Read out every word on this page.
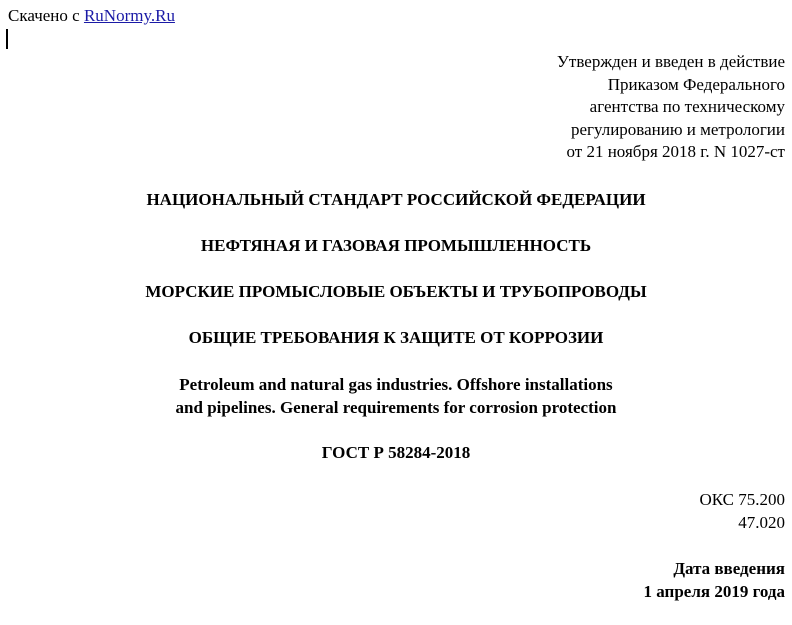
Скачено с RuNormy.Ru
Утвержден и введен в действие
Приказом Федерального
агентства по техническому
регулированию и метрологии
от 21 ноября 2018 г. N 1027-ст
НАЦИОНАЛЬНЫЙ СТАНДАРТ РОССИЙСКОЙ ФЕДЕРАЦИИ
НЕФТЯНАЯ И ГАЗОВАЯ ПРОМЫШЛЕННОСТЬ
МОРСКИЕ ПРОМЫСЛОВЫЕ ОБЪЕКТЫ И ТРУБОПРОВОДЫ
ОБЩИЕ ТРЕБОВАНИЯ К ЗАЩИТЕ ОТ КОРРОЗИИ
Petroleum and natural gas industries. Offshore installations
and pipelines. General requirements for corrosion protection
ГОСТ Р 58284-2018
ОКС 75.200
47.020
Дата введения
1 апреля 2019 года
